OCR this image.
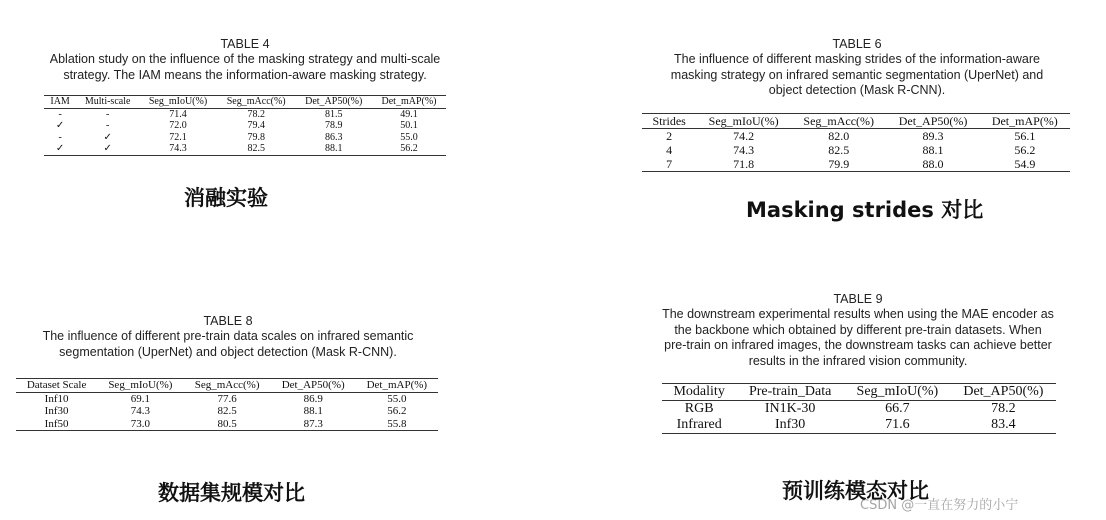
TABLE 4
Ablation study on the influence of the masking strategy and multi-scale
strategy. The IAM means the information-aware masking strategy.
IAM	Multi-scale	Seg_mIoU(%)	Seg_mAcc(%)	Det_AP50(%)	Det_mAP(%)
-	-	71.4	78.2	81.5	49.1
✓	-	72.0	79.4	78.9	50.1
-	✓	72.1	79.8	86.3	55.0
✓	✓	74.3	82.5	88.1	56.2
消融实验
TABLE 6
The influence of different masking strides of the information-aware
masking strategy on infrared semantic segmentation (UperNet) and
object detection (Mask R-CNN).
Strides	Seg_mIoU(%)	Seg_mAcc(%)	Det_AP50(%)	Det_mAP(%)
2	74.2	82.0	89.3	56.1
4	74.3	82.5	88.1	56.2
7	71.8	79.9	88.0	54.9
Masking strides 对比
TABLE 8
The influence of different pre-train data scales on infrared semantic
segmentation (UperNet) and object detection (Mask R-CNN).
Dataset Scale	Seg_mIoU(%)	Seg_mAcc(%)	Det_AP50(%)	Det_mAP(%)
Inf10	69.1	77.6	86.9	55.0
Inf30	74.3	82.5	88.1	56.2
Inf50	73.0	80.5	87.3	55.8
数据集规模对比
TABLE 9
The downstream experimental results when using the MAE encoder as
the backbone which obtained by different pre-train datasets. When
pre-train on infrared images, the downstream tasks can achieve better
results in the infrared vision community.
Modality	Pre-train_Data	Seg_mIoU(%)	Det_AP50(%)
RGB	IN1K-30	66.7	78.2
Infrared	Inf30	71.6	83.4
预训练模态对比
CSDN @一直在努力的小宁
